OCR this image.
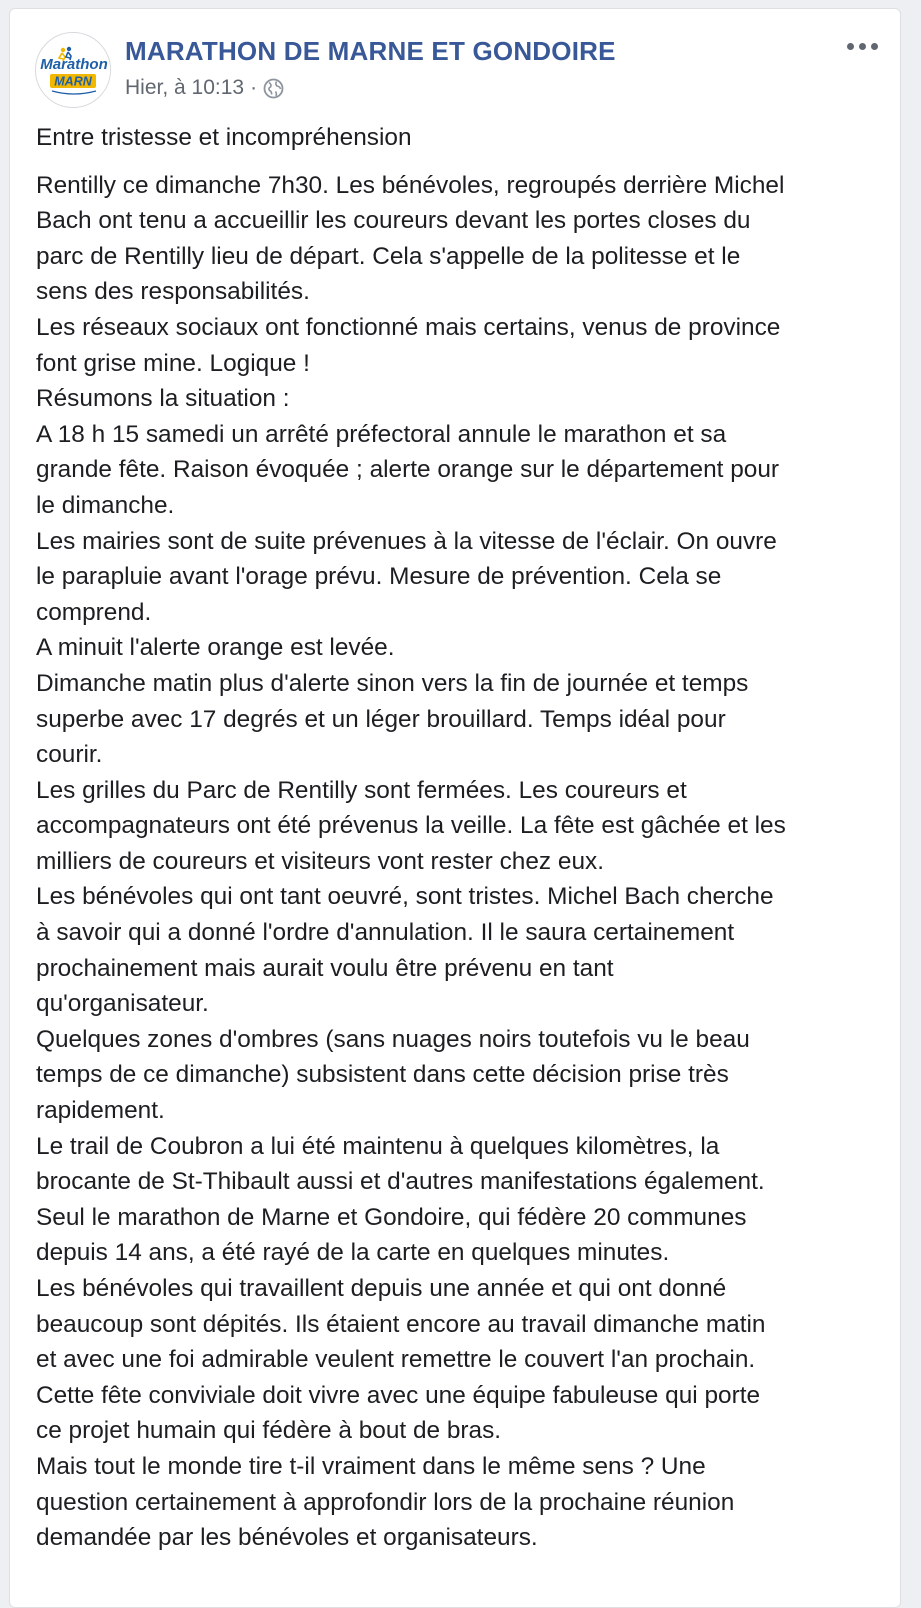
Marathon
MARN
MARATHON DE MARNE ET GONDOIRE
Hier, à 10:13 ·

Entre tristesse et incompréhension

Rentilly ce dimanche 7h30. Les bénévoles, regroupés derrière Michel

Bach ont tenu a accueillir les coureurs devant les portes closes du

parc de Rentilly lieu de départ. Cela s'appelle de la politesse et le

sens des responsabilités.

Les réseaux sociaux ont fonctionné mais certains, venus de province

font grise mine. Logique !

Résumons la situation :

A 18 h 15 samedi un arrêté préfectoral annule le marathon et sa

grande fête. Raison évoquée ; alerte orange sur le département pour

le dimanche.

Les mairies sont de suite prévenues à la vitesse de l'éclair. On ouvre

le parapluie avant l'orage prévu. Mesure de prévention. Cela se

comprend.

A minuit l'alerte orange est levée.

Dimanche matin plus d'alerte sinon vers la fin de journée et temps

superbe avec 17 degrés et un léger brouillard. Temps idéal pour

courir.

Les grilles du Parc de Rentilly sont fermées. Les coureurs et

accompagnateurs ont été prévenus la veille. La fête est gâchée et les

milliers de coureurs et visiteurs vont rester chez eux.

Les bénévoles qui ont tant oeuvré, sont tristes. Michel Bach cherche

à savoir qui a donné l'ordre d'annulation. Il le saura certainement

prochainement mais aurait voulu être prévenu en tant

qu'organisateur.

Quelques zones d'ombres (sans nuages noirs toutefois vu le beau

temps de ce dimanche) subsistent dans cette décision prise très

rapidement.

Le trail de Coubron a lui été maintenu à quelques kilomètres, la

brocante de St-Thibault aussi et d'autres manifestations également.

Seul le marathon de Marne et Gondoire, qui fédère 20 communes

depuis 14 ans, a été rayé de la carte en quelques minutes.

Les bénévoles qui travaillent depuis une année et qui ont donné

beaucoup sont dépités. Ils étaient encore au travail dimanche matin

et avec une foi admirable veulent remettre le couvert l'an prochain.

Cette fête conviviale doit vivre avec une équipe fabuleuse qui porte

ce projet humain qui fédère à bout de bras.

Mais tout le monde tire t-il vraiment dans le même sens ? Une

question certainement à approfondir lors de la prochaine réunion

demandée par les bénévoles et organisateurs.
